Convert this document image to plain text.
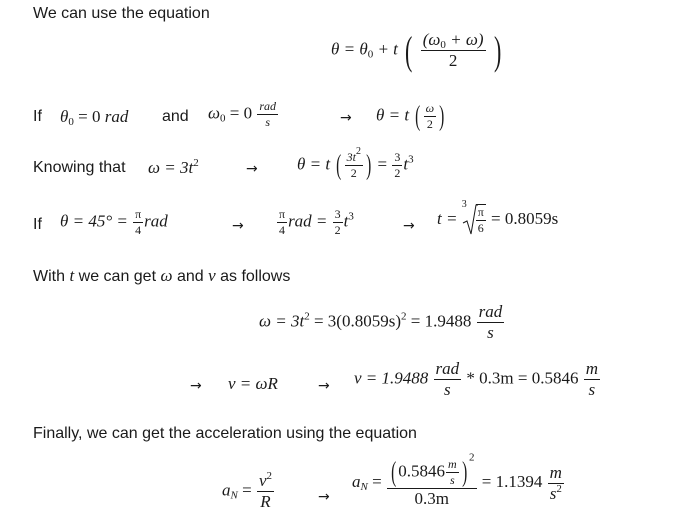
We can use the equation
$\theta = \theta_0 + t$ ( $\frac{(\omega_0 + \omega)}{2}$ )
If $\theta_0 = 0$ rad and $\omega_0 = 0 \frac{\text{rad}}{s}$	→ θ = t ( $\frac{\omega}{2}$ )
Knowing that $\omega = 3t^2$	→ θ = t ( $\frac{3t^2}{2}$ ) = $\frac{3}{2} t^3$
If $\theta = 45^\circ = \frac{\pi}{4}$ rad	→	$\frac{\pi}{4}$ rad = $\frac{3}{2} t^3$
→ t =
$3 \frac{\pi}{6} = 0.8059s$
With t we can get ω and v as follows
$\omega = 3t^2 = 3(0.8059s)^2 = 1.9488 \frac{\text{rad}}{s}$
→ v = ωR	→ $v = 1.9488 \frac{\text{rad}}{s} * 0.3m = 0.5846 \frac{m}{s}$
Finally, we can get the acceleration using the equation
$a_N = \frac{v^2}{R}$	→
$a_N = \frac{( 0.5846 \frac{m}{s} ) ^2}{0.3m} = 1.1394 \frac{m}{s^2}$
